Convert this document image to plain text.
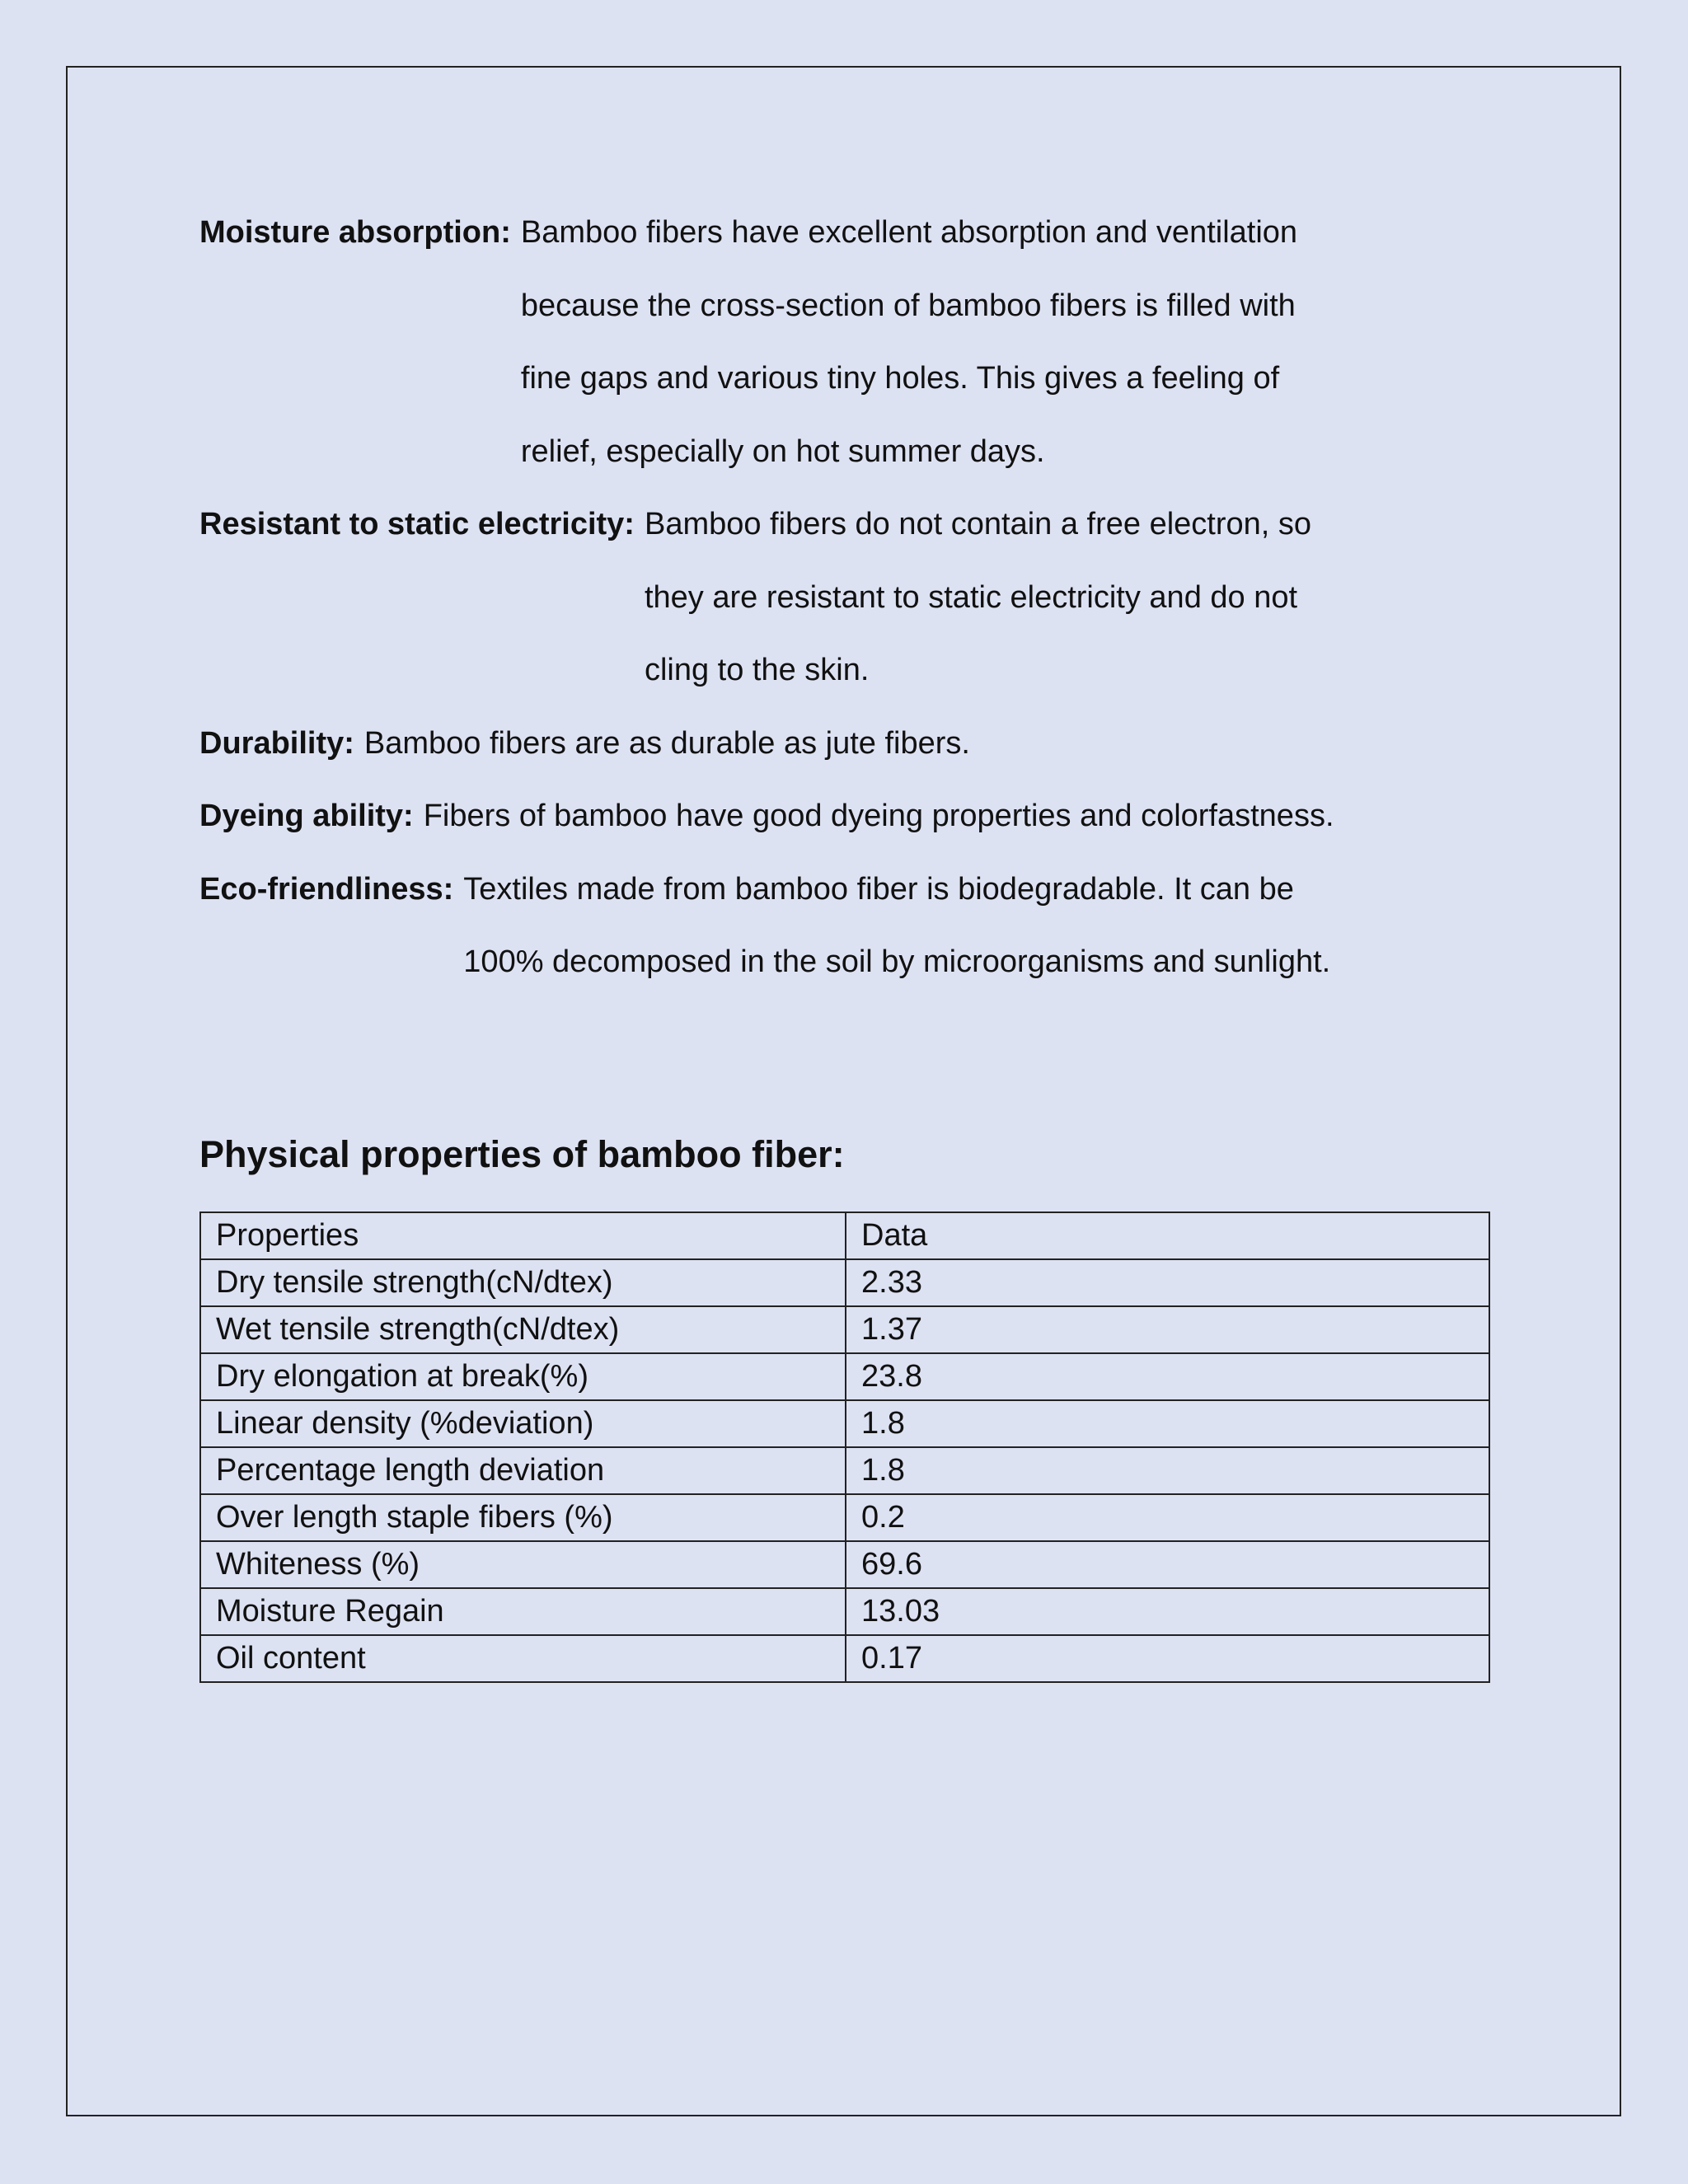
Moisture absorption: Bamboo fibers have excellent absorption and ventilation
because the cross-section of bamboo fibers is filled with
fine gaps and various tiny holes. This gives a feeling of
relief, especially on hot summer days.
Resistant to static electricity: Bamboo fibers do not contain a free electron, so
they are resistant to static electricity and do not
cling to the skin.
Durability: Bamboo fibers are as durable as jute fibers.
Dyeing ability: Fibers of bamboo have good dyeing properties and colorfastness.
Eco-friendliness: Textiles made from bamboo fiber is biodegradable. It can be
100% decomposed in the soil by microorganisms and sunlight.
Physical properties of bamboo fiber:
Properties	Data
Dry tensile strength(cN/dtex)	2.33
Wet tensile strength(cN/dtex)	1.37
Dry elongation at break(%)	23.8
Linear density (%deviation)	1.8
Percentage length deviation	1.8
Over length staple fibers (%)	0.2
Whiteness (%)	69.6
Moisture Regain	13.03
Oil content	0.17
